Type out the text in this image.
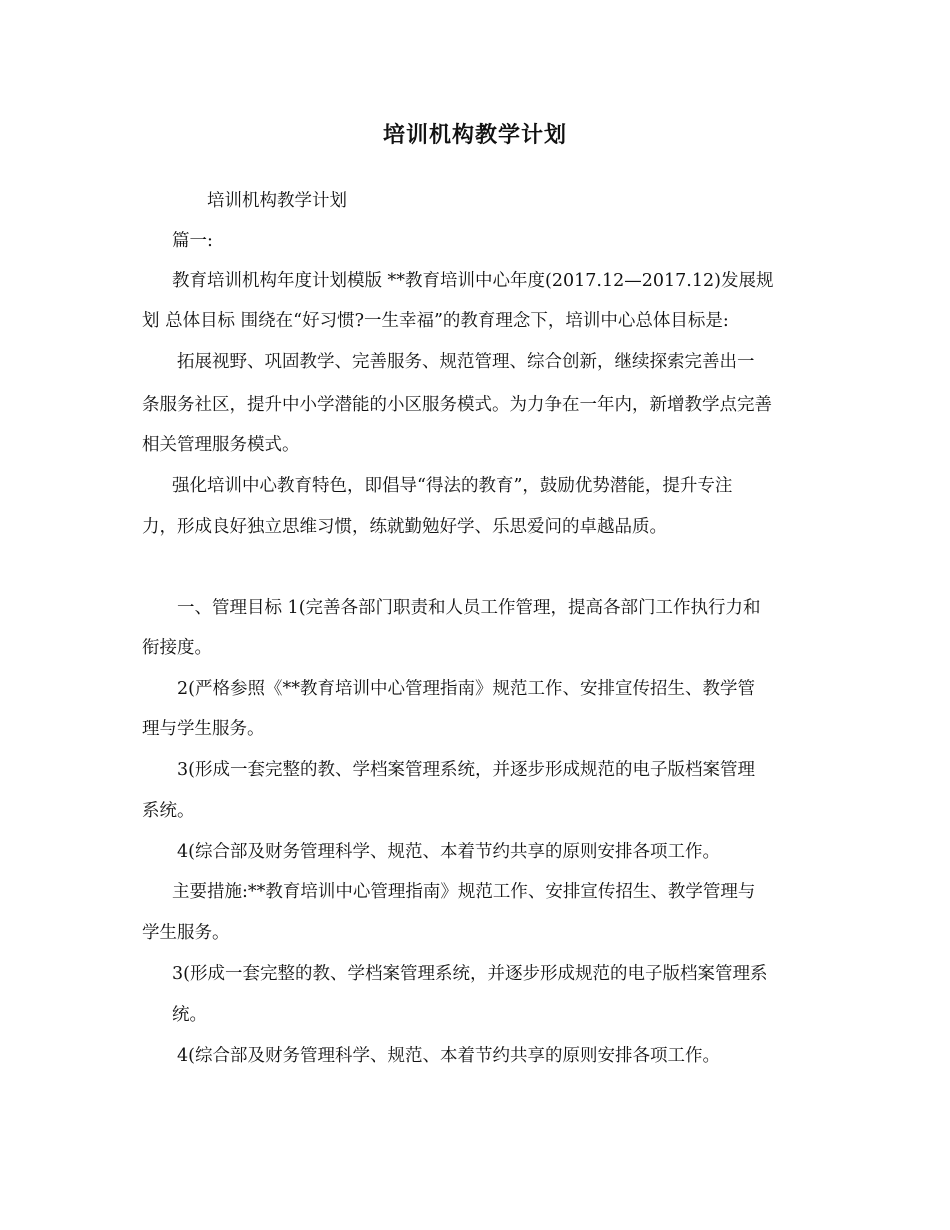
培训机构教学计划

培训机构教学计划

篇一:

教育培训机构年度计划模版 **教育培训中心年度(2017.12—2017.12)发展规

划 总体目标 围绕在“好习惯?一生幸福”的教育理念下，培训中心总体目标是:

拓展视野、巩固教学、完善服务、规范管理、综合创新，继续探索完善出一

条服务社区，提升中小学潜能的小区服务模式。为力争在一年内，新增教学点完善

相关管理服务模式。

强化培训中心教育特色，即倡导“得法的教育”，鼓励优势潜能，提升专注

力，形成良好独立思维习惯，练就勤勉好学、乐思爱问的卓越品质。

一、管理目标 1(完善各部门职责和人员工作管理，提高各部门工作执行力和

衔接度。

2(严格参照《**教育培训中心管理指南》规范工作、安排宣传招生、教学管

理与学生服务。

3(形成一套完整的教、学档案管理系统，并逐步形成规范的电子版档案管理

系统。

4(综合部及财务管理科学、规范、本着节约共享的原则安排各项工作。

主要措施:**教育培训中心管理指南》规范工作、安排宣传招生、教学管理与

学生服务。

3(形成一套完整的教、学档案管理系统，并逐步形成规范的电子版档案管理系

统。

4(综合部及财务管理科学、规范、本着节约共享的原则安排各项工作。
